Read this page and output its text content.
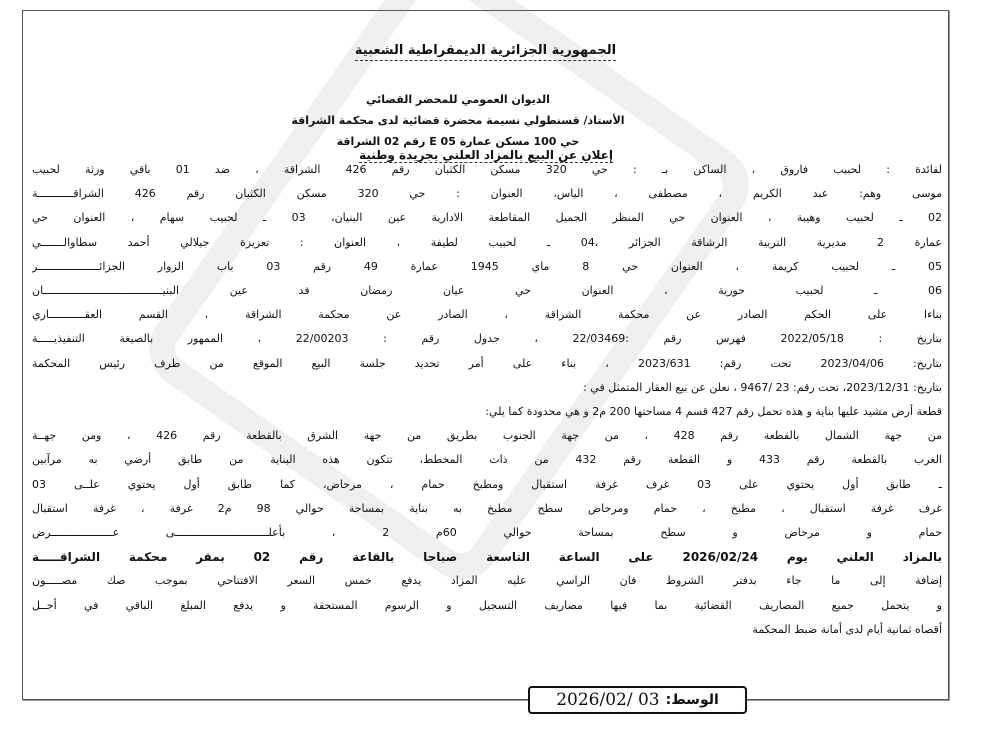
الجمهورية الجزائرية الديمقراطية الشعبية
الديوان العمومي للمحضر القضائي
الأستاذ/ قسنطولي نسيمة محضرة قضائية لدى محكمة الشراقة
حي 100 مسكن عمارة E 05 رقم 02 الشراقة
إعلان عن البيع بالمزاد العلني بجريدة وطنية
لفائدة : لحبيب فاروق ، الساكن بـ : حي 320 مسكن الكثبان رقم 426 الشراقة ، ضد 01 باقي ورثة لحبيب
موسى وهم: عبد الكريم ، مصطفى ، الياس، العنوان : حي 320 مسكن الكثبان رقم 426 الشراقـــــــــــة
02 ـ لحبيب وهيبة ، العنوان حي المنظر الجميل المقاطعة الادارية عين البنيان، 03 ـ لحبيب سهام ، العنوان حي
عمارة 2 مديرية التربية الرشاقة الجزائر ،04 ـ لحبيب لطيفة ، العنوان : تعزيزة جيلالي أحمد سطاوالـــــــي
05 ـ لحبيب كريمة ، العنوان حي 8 ماي 1945 عمارة 49 رقم 03 باب الزوار الجزائـــــــــــــــــــر
06 ـ لحبيب حورية ، العنوان حي عيان رمضان فد عين البنيـــــــــــــــــــــــــــــــــــــان
بناءا على الحكم الصادر عن محكمة الشراقة ، الصادر عن محكمة الشراقة ، القسم العقـــــــــــاري
بتاريخ : 2022/05/18 فهرس رقم :22/03469 ، جدول رقم : 22/00203 ، الممهور بالصيغة التنفيذيـــــة
بتاريخ: 2023/04/06 تحت رقم: 2023/631 ، بناء على أمر تحديد جلسة البيع الموقع من طرف رئيس المحكمة
بتاريخ: 2023/12/31، تحت رقم: 23 /9467 ، نعلن عن بيع العقار المتمثل في :
قطعة أرض مشيد عليها بناية و هذه تحمل رقم 427 قسم 4 مساحتها 200 م2 و هي محدودة كما يلي:
من جهة الشمال بالقطعة رقم 428 ، من جهة الجنوب بطريق من جهة الشرق بالقطعة رقم 426 ، ومن جهــة
الغرب بالقطعة رقم 433 و القطعة رقم 432 من ذات المخطط، تتكون هذه البناية من طابق أرضي به مرآبين
ـ طابق أول يحتوي على 03 غرف غرفة استقبال ومطبخ حمام ، مرحاض، كما طابق أول يحتوي علــى 03
غرف غرفة استقبال ، مطبخ ، حمام ومرحاض سطح مطبخ به بناية بمساحة حوالي 98 م2 غرفة ، غرفة استقبال
حمام و مرحاض و سطح بمساحة حوالي 60م 2 ، بأعلـــــــــــــــــــــــــــــى عـــــــــــــــــــرض
بالمزاد العلني يوم 2026/02/24 على الساعة التاسعة صباحا بالقاعة رقم 02 بمقر محكمة الشراقـــــة
إضافة إلى ما جاء بدفتر الشروط فان الراسي عليه المزاد يدفع خمس السعر الافتتاحي بموجب صك مصـــــون
و يتحمل جميع المصاريف القضائية بما فيها مصاريف التسجيل و الرسوم المستحقة و يدفع المبلغ الباقي في أجــل
أقصاه ثمانية أيام لدى أمانة ضبط المحكمة
الوسط:
2026/02/ 03
